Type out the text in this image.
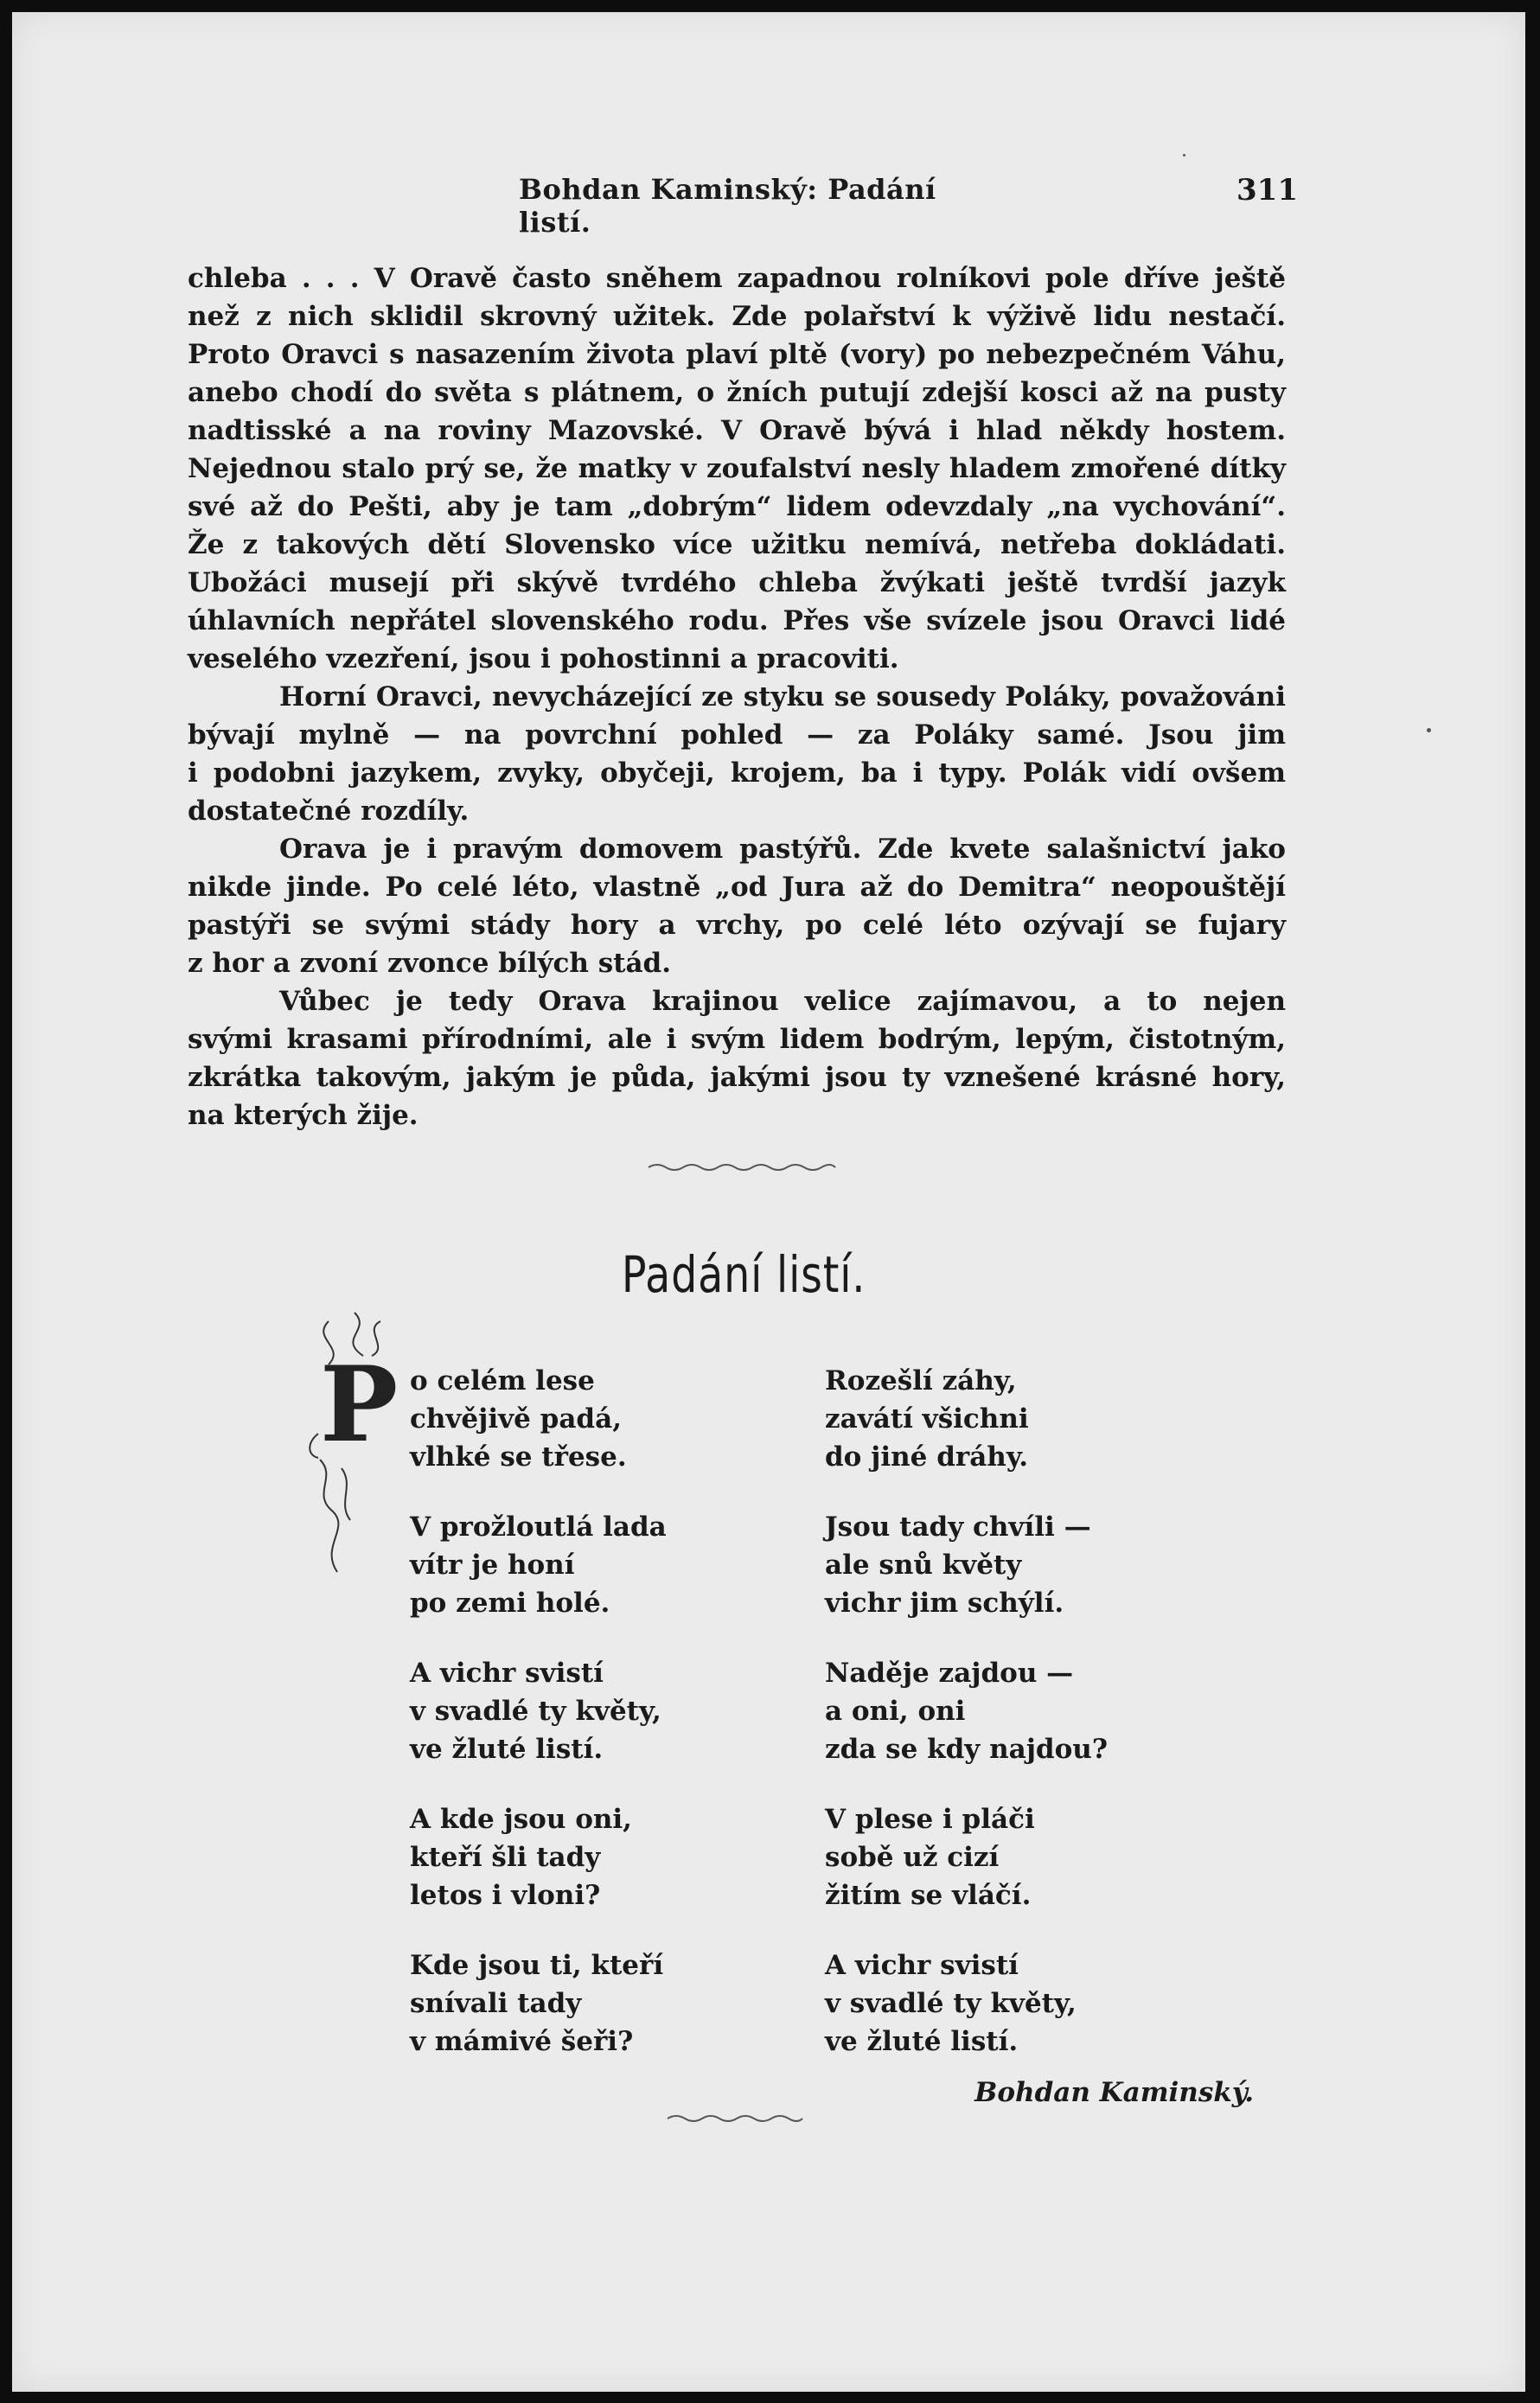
Bohdan Kaminský: Padání listí.
311

chleba . . . V Oravě často sněhem zapadnou rolníkovi pole dříve ještě
než z nich sklidil skrovný užitek. Zde polařství k výživě lidu nestačí.
Proto Oravci s nasazením života plaví pltě (vory) po nebezpečném Váhu,
anebo chodí do světa s plátnem, o žních putují zdejší kosci až na pusty
nadtisské a na roviny Mazovské. V Oravě bývá i hlad někdy hostem.
Nejednou stalo prý se, že matky v zoufalství nesly hladem zmořené dítky
své až do Pešti, aby je tam „dobrým“ lidem odevzdaly „na vychování“.
Že z takových dětí Slovensko více užitku nemívá, netřeba dokládati.
Ubožáci musejí při skývě tvrdého chleba žvýkati ještě tvrdší jazyk
úhlavních nepřátel slovenského rodu. Přes vše svízele jsou Oravci lidé
veselého vzezření, jsou i pohostinni a pracoviti.

Horní Oravci, nevycházející ze styku se sousedy Poláky, považováni
bývají mylně — na povrchní pohled — za Poláky samé. Jsou jim
i podobni jazykem, zvyky, obyčeji, krojem, ba i typy. Polák vidí ovšem
dostatečné rozdíly.

Orava je i pravým domovem pastýřů. Zde kvete salašnictví jako
nikde jinde. Po celé léto, vlastně „od Jura až do Demitra“ neopouštějí
pastýři se svými stády hory a vrchy, po celé léto ozývají se fujary
z hor a zvoní zvonce bílých stád.

Vůbec je tedy Orava krajinou velice zajímavou, a to nejen
svými krasami přírodními, ale i svým lidem bodrým, lepým, čistotným,
zkrátka takovým, jakým je půda, jakými jsou ty vznešené krásné hory,
na kterých žije.

Padání listí.
P o celém lese
chvějivě padá,
vlhké se třese.
V prožloutlá lada
vítr je honí
po zemi holé.
A vichr svistí
v svadlé ty květy,
ve žluté listí.
A kde jsou oni,
kteří šli tady
letos i vloni?
Kde jsou ti, kteří
snívali tady
v mámivé šeři?
Rozešlí záhy,
zavátí všichni
do jiné dráhy.
Jsou tady chvíli —
ale snů květy
vichr jim schýlí.
Naděje zajdou —
a oni, oni
zda se kdy najdou?
V plese i pláči
sobě už cizí
žitím se vláčí.
A vichr svistí
v svadlé ty květy,
ve žluté listí.
Bohdan Kaminský.
